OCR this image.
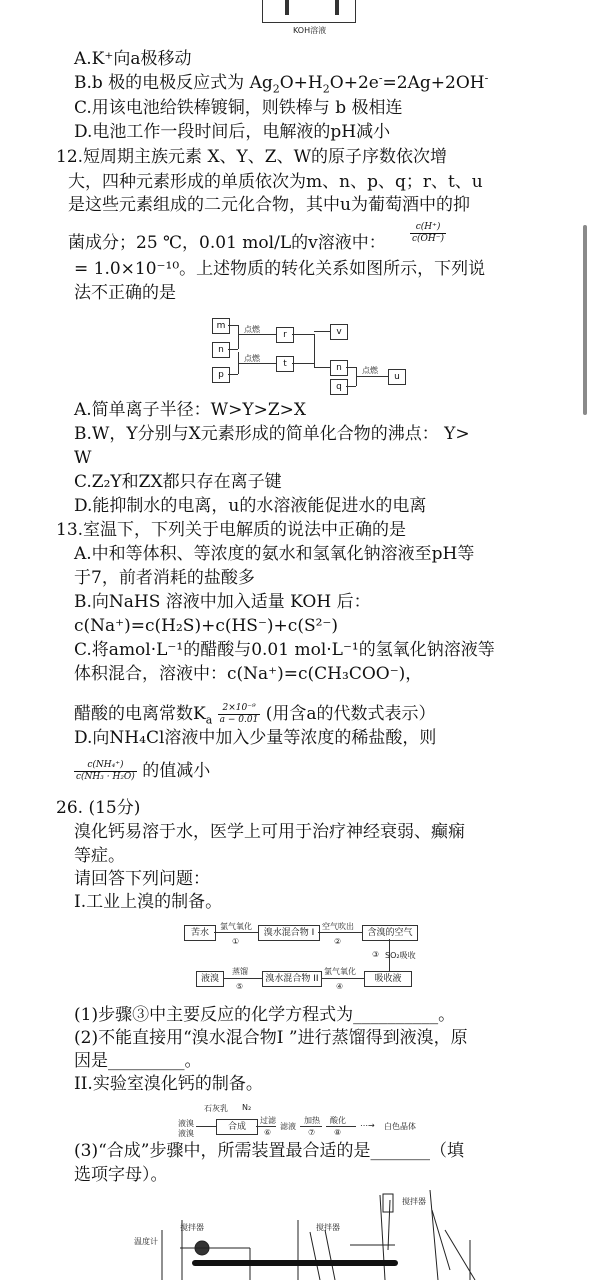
KOH溶液
A.K⁺向a极移动
B.b 极的电极反应式为 $Ag_2O+H_2O+2e^-=2Ag+2OH^-$
C.用该电池给铁棒镀铜，则铁棒与 b 极相连
D.电池工作一段时间后，电解液的pH减小
12.短周期主族元素 X、Y、Z、W的原子序数依次增
大，四种元素形成的单质依次为m、n、p、q；r、t、u
是这些元素组成的二元化合物，其中u为葡萄酒中的抑
菌成分；25 ℃，0.01 mol/L的v溶液中：	$\frac{c(H^+)}{c(OH^-)}$
= 1.0×10⁻¹⁰。上述物质的转化关系如图所示，下列说
法不正确的是
m
n
p
点燃
r
点燃
t
v
n
q
点燃
u
A.简单离子半径：W>Y>Z>X
B.W，Y分别与X元素形成的简单化合物的沸点： Y>
W
C.Z₂Y和ZX都只存在离子键
D.能抑制水的电离，u的水溶液能促进水的电离
13.室温下，下列关于电解质的说法中正确的是
A.中和等体积、等浓度的氨水和氢氧化钠溶液至pH等
于7，前者消耗的盐酸多
B.向NaHS 溶液中加入适量 KOH 后：
c(Na⁺)=c(H₂S)+c(HS⁻)+c(S²⁻)
C.将amol·L⁻¹的醋酸与0.01 mol·L⁻¹的氢氧化钠溶液等
体积混合，溶液中：c(Na⁺)=c(CH₃COO⁻)，
醋酸的电离常数$K_a \frac{\text{2×10⁻⁹}}{a - 0.01}$ (用含a的代数式表示）
D.向NH₄Cl溶液中加入少量等浓度的稀盐酸，则
$\frac{\text{c(NH₄⁺)}}{\text{c(NH₃ · H₂O)}}$ 的值减小
26. (15分)
溴化钙易溶于水，医学上可用于治疗神经衰弱、癫痫
等症。
请回答下列问题：
I.工业上溴的制备。
苦水
氯气氧化
①
溴水混合物 I
空气吹出
②
含溴的空气
③ SO₂吸收
吸收液
氯气氧化
④
溴水混合物 II
蒸馏
⑤
液溴
(1)步骤③中主要反应的化学方程式为__________。
(2)不能直接用“溴水混合物I ”进行蒸馏得到液溴，原
因是_________。
II.实验室溴化钙的制备。
液溴
液溴
石灰乳 N₂
合成
过滤
⑥
滤液
加热
⑦
酸化
⑧
⋯→ 白色晶体
(3)“合成”步骤中，所需装置最合适的是_______（填
选项字母）。
温度计
搅拌器	搅拌器
搅拌器
